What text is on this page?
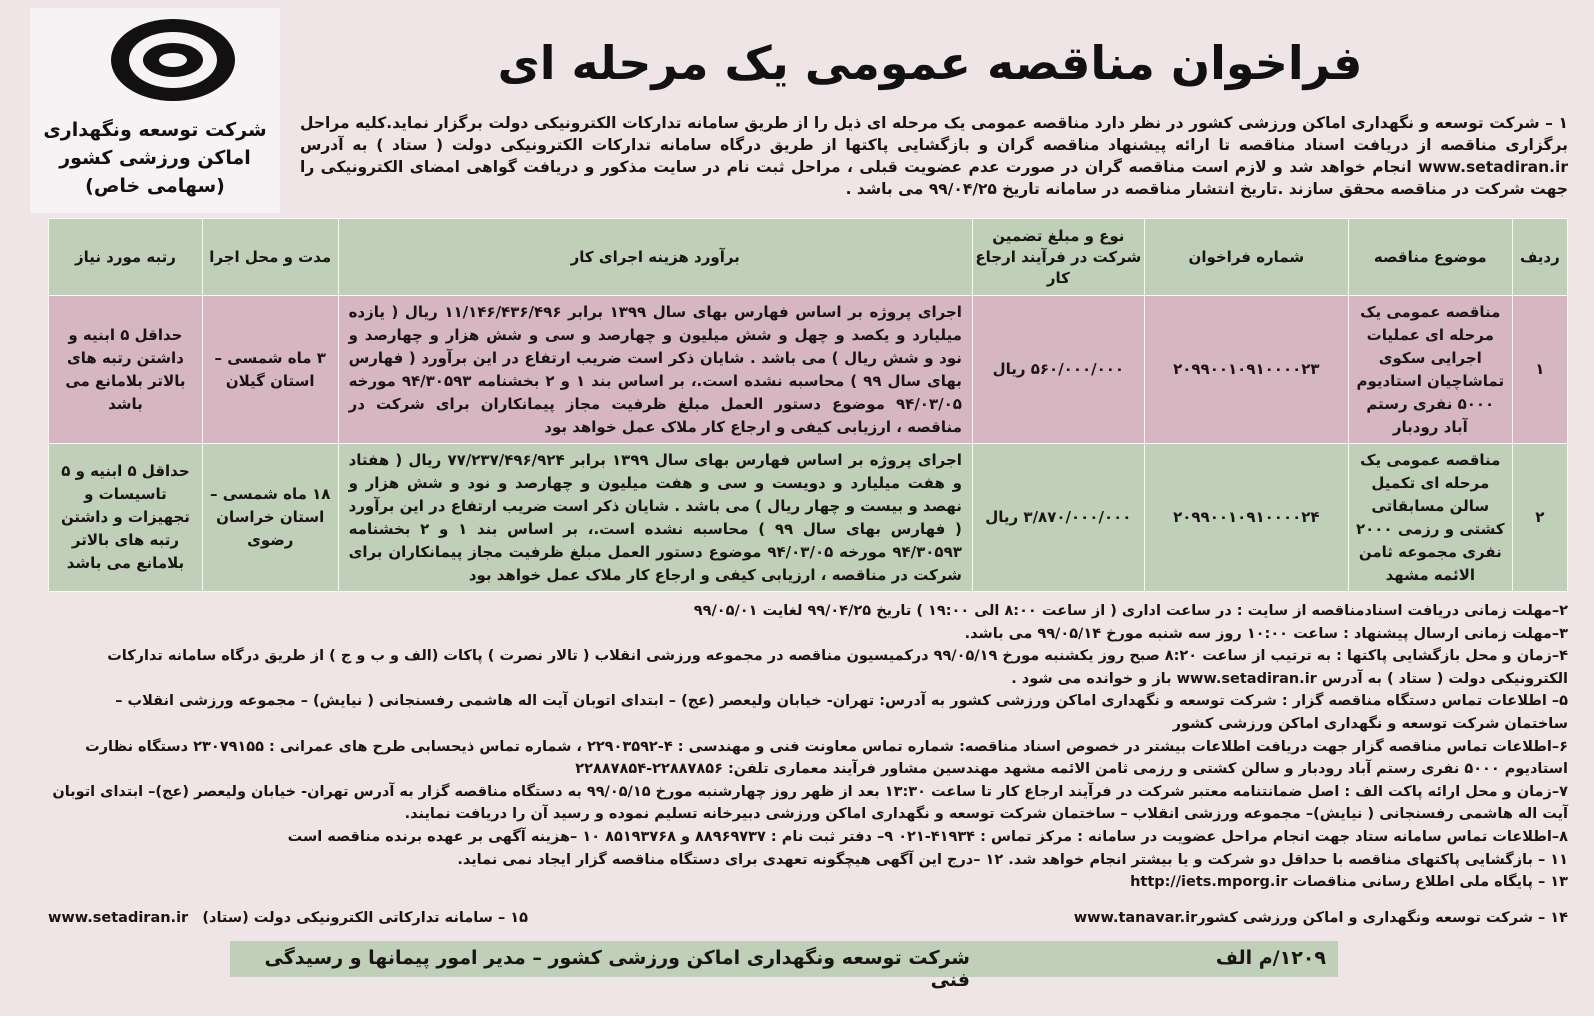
شرکت توسعه ونگهداری
اماکن ورزشی کشور
(سهامی خاص)
فراخوان مناقصه عمومی یک مرحله ای
۱ – شرکت توسعه و نگهداری اماکن ورزشی کشور در نظر دارد مناقصه عمومی یک مرحله ای ذیل را از طریق سامانه تدارکات الکترونیکی دولت برگزار نماید.کلیه مراحل برگزاری مناقصه از دریافت اسناد مناقصه تا ارائه پیشنهاد مناقصه گران و بازگشایی پاکتها از طریق درگاه سامانه تدارکات الکترونیکی دولت ( ستاد ) به آدرس www.setadiran.ir انجام خواهد شد و لازم است مناقصه گران در صورت عدم عضویت قبلی ، مراحل ثبت نام در سایت مذکور و دریافت گواهی امضای الکترونیکی را جهت شرکت در مناقصه محقق سازند .تاریخ انتشار مناقصه در سامانه تاریخ ۹۹/۰۴/۲۵ می باشد .
ردیف	موضوع مناقصه	شماره فراخوان	نوع و مبلغ تضمین شرکت در فرآیند ارجاع کار	برآورد هزینه اجرای کار	مدت و محل اجرا	رتبه مورد نیاز
۱	مناقصه عمومی یک مرحله ای عملیات اجرایی سکوی تماشاچیان استادیوم ۵۰۰۰ نفری رستم آباد رودبار	۲۰۹۹۰۰۱۰۹۱۰۰۰۰۲۳	۵۶۰/۰۰۰/۰۰۰ ریال	اجرای پروژه بر اساس فهارس بهای سال ۱۳۹۹ برابر ۱۱/۱۴۶/۴۳۶/۴۹۶ ریال ( یازده میلیارد و یکصد و چهل و شش میلیون و چهارصد و سی و شش هزار و چهارصد و نود و شش ریال ) می باشد . شایان ذکر است ضریب ارتفاع در این برآورد ( فهارس بهای سال ۹۹ ) محاسبه نشده است.، بر اساس بند ۱ و ۲ بخشنامه ۹۴/۳۰۵۹۳ مورخه ۹۴/۰۳/۰۵ موضوع دستور العمل مبلغ ظرفیت مجاز پیمانکاران برای شرکت در مناقصه ، ارزیابی کیفی و ارجاع کار ملاک عمل خواهد بود	۳ ماه شمسی – استان گیلان	حداقل ۵ ابنیه و داشتن رتبه های بالاتر بلامانع می باشد
۲	مناقصه عمومی یک مرحله ای تکمیل سالن مسابقاتی کشتی و رزمی ۲۰۰۰ نفری مجموعه ثامن الائمه مشهد	۲۰۹۹۰۰۱۰۹۱۰۰۰۰۲۴	۳/۸۷۰/۰۰۰/۰۰۰ ریال	اجرای پروژه بر اساس فهارس بهای سال ۱۳۹۹ برابر ۷۷/۲۳۷/۴۹۶/۹۲۴ ریال ( هفتاد و هفت میلیارد و دویست و سی و هفت میلیون و چهارصد و نود و شش هزار و نهصد و بیست و چهار ریال ) می باشد . شایان ذکر است ضریب ارتفاع در این برآورد ( فهارس بهای سال ۹۹ ) محاسبه نشده است.، بر اساس بند ۱ و ۲ بخشنامه ۹۴/۳۰۵۹۳ مورخه ۹۴/۰۳/۰۵ موضوع دستور العمل مبلغ ظرفیت مجاز پیمانکاران برای شرکت در مناقصه ، ارزیابی کیفی و ارجاع کار ملاک عمل خواهد بود	۱۸ ماه شمسی – استان خراسان رضوی	حداقل ۵ ابنیه و ۵ تاسیسات و تجهیزات و داشتن رتبه های بالاتر بلامانع می باشد

۲–مهلت زمانی دریافت اسنادمناقصه از سایت : در ساعت اداری ( از ساعت ۸:۰۰ الی ۱۹:۰۰ ) تاریخ ۹۹/۰۴/۲۵ لغایت ۹۹/۰۵/۰۱

۳–مهلت زمانی ارسال پیشنهاد : ساعت ۱۰:۰۰ روز سه شنبه مورخ ۹۹/۰۵/۱۴ می باشد.

۴–زمان و محل بازگشایی پاکتها : به ترتیب از ساعت ۸:۲۰ صبح روز یکشنبه مورخ ۹۹/۰۵/۱۹ درکمیسیون مناقصه در مجموعه ورزشی انقلاب ( تالار نصرت ) پاکات (الف و ب و ج ) از طریق درگاه سامانه تدارکات الکترونیکی دولت ( ستاد ) به آدرس www.setadiran.ir باز و خوانده می شود .

۵– اطلاعات تماس دستگاه مناقصه گزار : شرکت توسعه و نگهداری اماکن ورزشی کشور به آدرس: تهران- خیابان ولیعصر (عج) – ابتدای اتوبان آیت اله هاشمی رفسنجانی ( نیایش) – مجموعه ورزشی انقلاب – ساختمان شرکت توسعه و نگهداری اماکن ورزشی کشور

۶–اطلاعات تماس مناقصه گزار جهت دریافت اطلاعات بیشتر در خصوص اسناد مناقصه: شماره تماس معاونت فنی و مهندسی : ۴-۲۲۹۰۳۵۹۲ ، شماره تماس ذیحسابی طرح های عمرانی : ۲۳۰۷۹۱۵۵ دستگاه نظارت استادیوم ۵۰۰۰ نفری رستم آباد رودبار و سالن کشتی و رزمی ثامن الائمه مشهد مهندسین مشاور فرآیند معماری تلفن: ۲۲۸۸۷۸۵۶-۲۲۸۸۷۸۵۴

۷–زمان و محل ارائه پاکت الف : اصل ضمانتنامه معتبر شرکت در فرآیند ارجاع کار تا ساعت ۱۳:۳۰ بعد از ظهر روز چهارشنبه مورخ ۹۹/۰۵/۱۵ به دستگاه مناقصه گزار به آدرس تهران- خیابان ولیعصر (عج)– ابتدای اتوبان آیت اله هاشمی رفسنجانی ( نیایش)– مجموعه ورزشی انقلاب – ساختمان شرکت توسعه و نگهداری اماکن ورزشی دبیرخانه تسلیم نموده و رسید آن را دریافت نمایند.

۸–اطلاعات تماس سامانه ستاد جهت انجام مراحل عضویت در سامانه : مرکز تماس : ۴۱۹۳۴-۰۲۱ ۹– دفتر ثبت نام : ۸۸۹۶۹۷۳۷ و ۸۵۱۹۳۷۶۸ ۱۰ –هزینه آگهی بر عهده برنده مناقصه است

۱۱ – بازگشایی پاکتهای مناقصه با حداقل دو شرکت و یا بیشتر انجام خواهد شد. ۱۲ –درج این آگهی هیچگونه تعهدی برای دستگاه مناقصه گزار ایجاد نمی نماید.

۱۳ – پایگاه ملی اطلاع رسانی مناقصات http://iets.mporg.ir

۱۴ – شرکت توسعه ونگهداری و اماکن ورزشی کشورwww.tanavar.ir
۱۵ – سامانه تدارکاتی الکترونیکی دولت (ستاد)
www.setadiran.ir
شرکت توسعه ونگهداری اماکن ورزشی کشور – مدیر امور پیمانها و رسیدگی فنی
۱۲۰۹/م الف
